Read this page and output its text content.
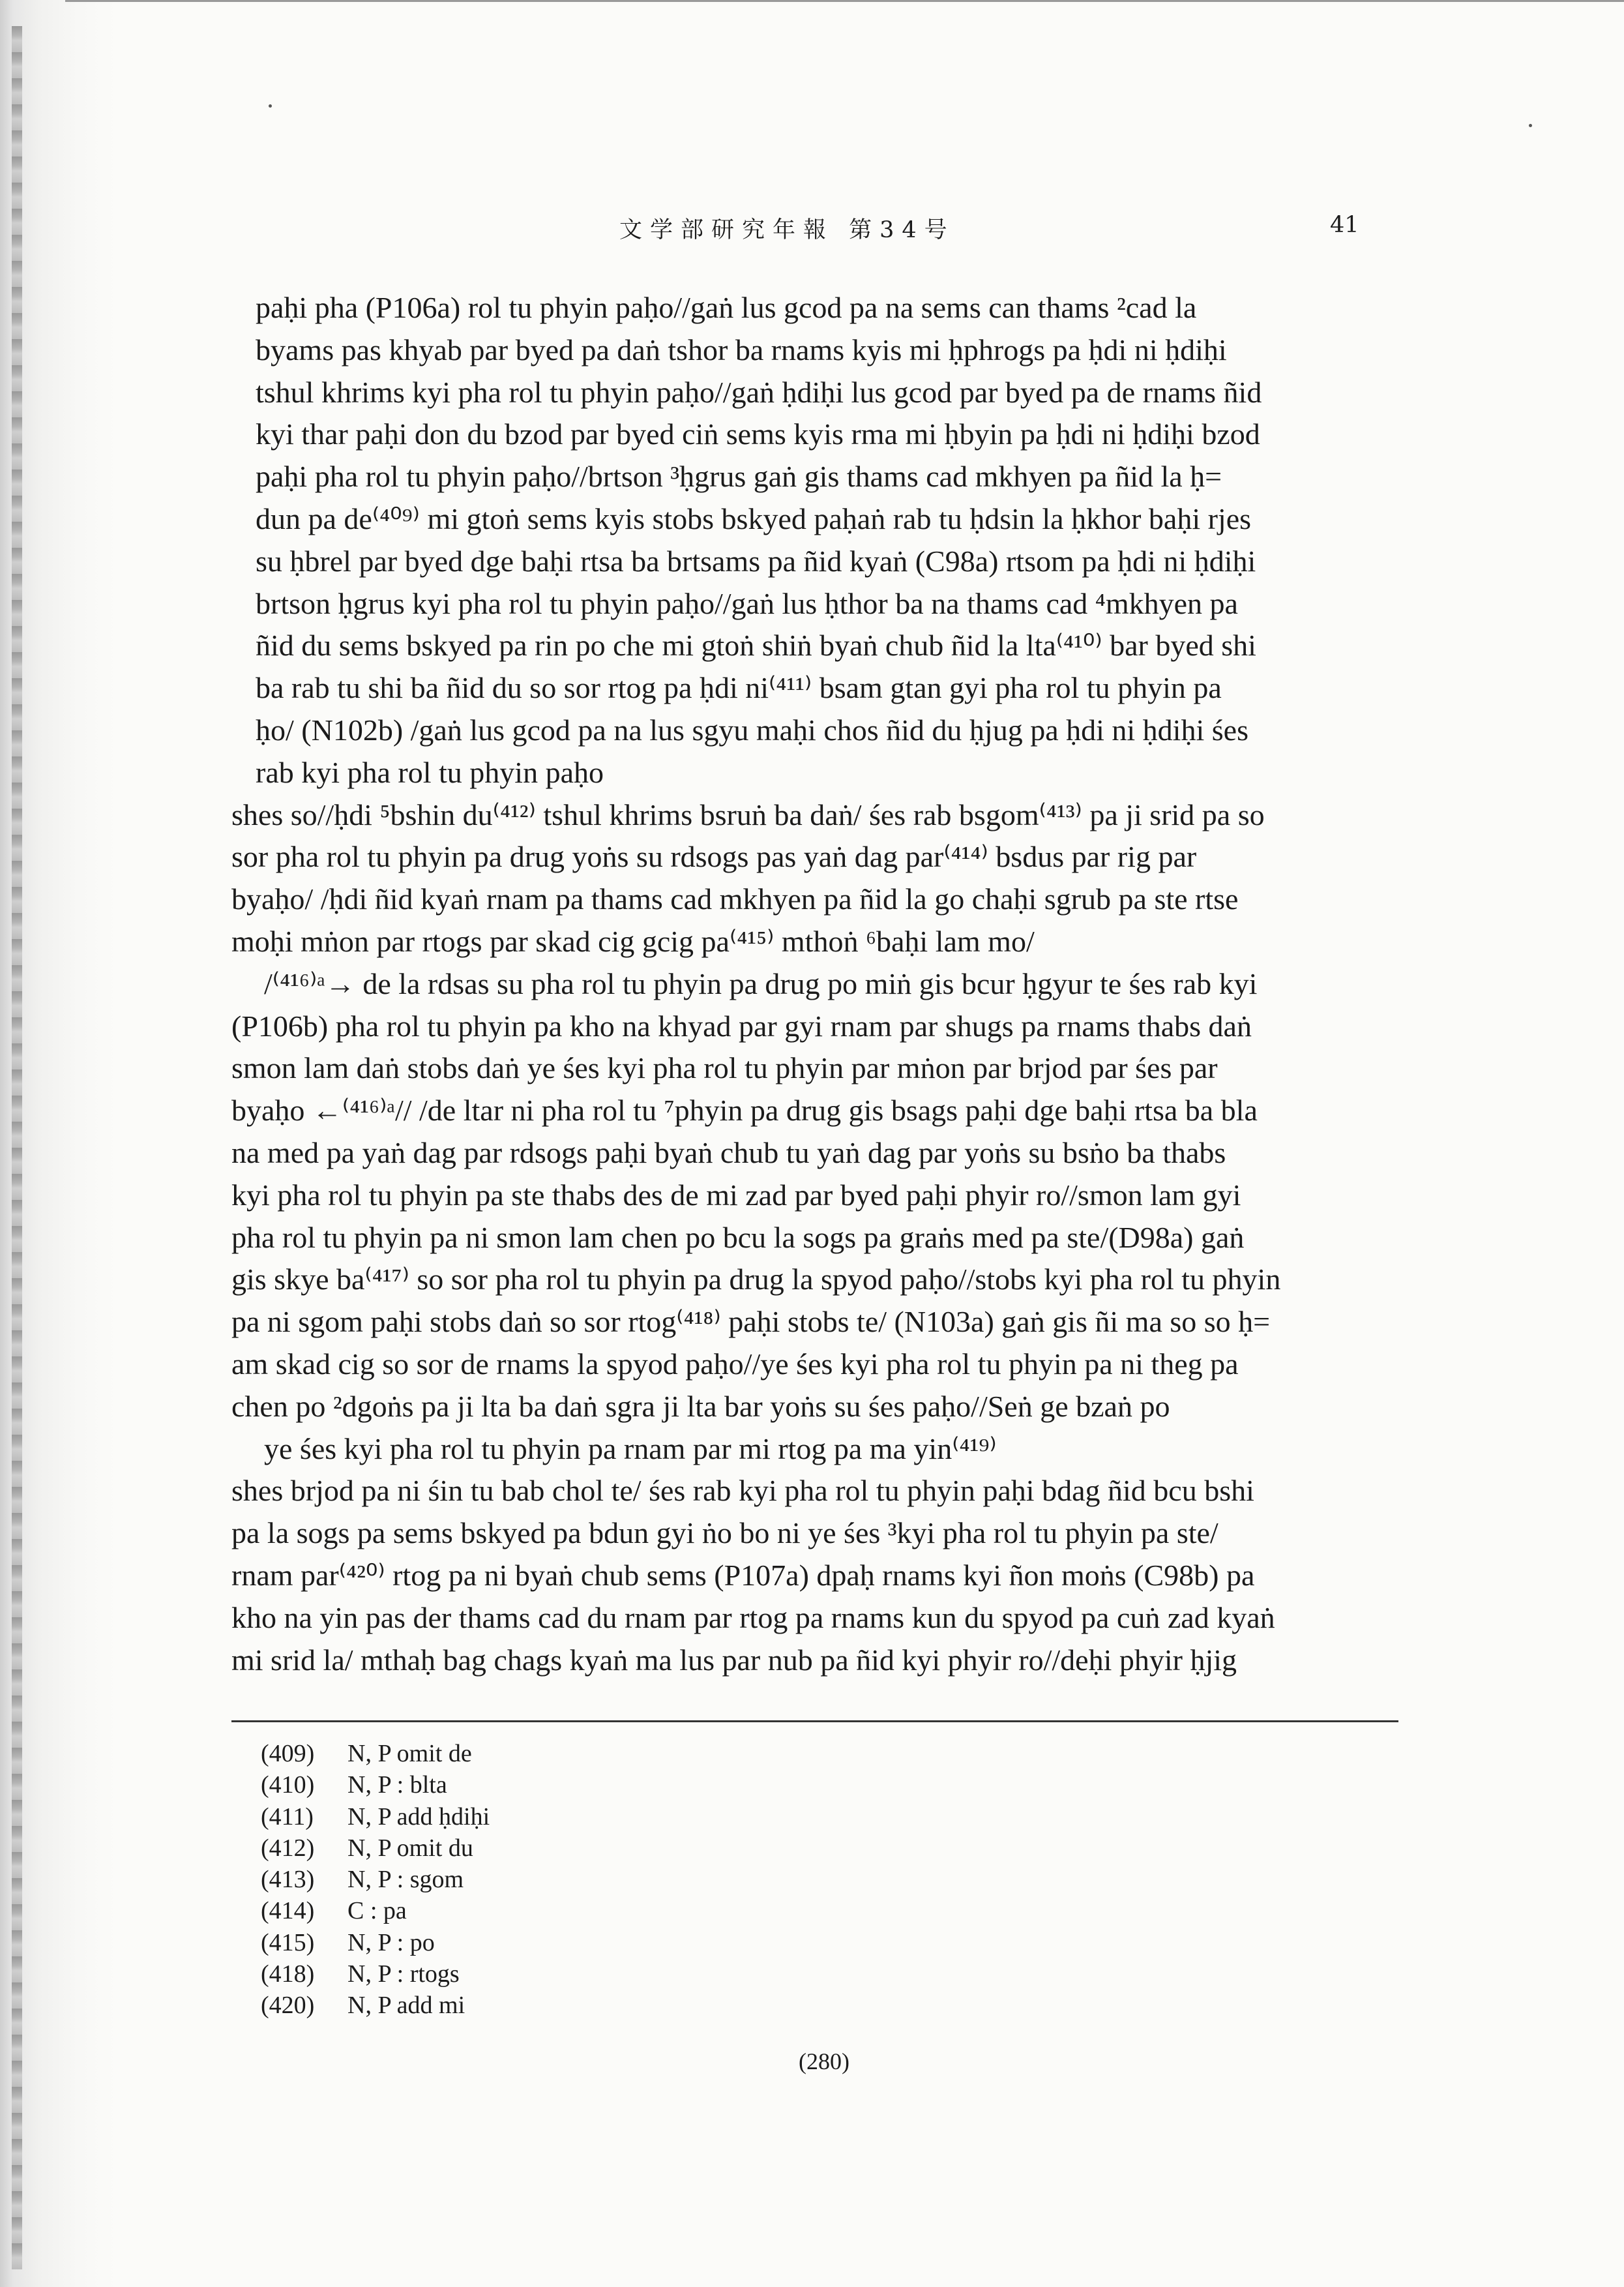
文学部研究年報 第34号	41
paḥi pha (P106a) rol tu phyin paḥo//gaṅ lus gcod pa na sems can thams ²cad la
byams pas khyab par byed pa daṅ tshor ba rnams kyis mi ḥphrogs pa ḥdi ni ḥdiḥi
tshul khrims kyi pha rol tu phyin paḥo//gaṅ ḥdiḥi lus gcod par byed pa de rnams ñid
kyi thar paḥi don du bzod par byed ciṅ sems kyis rma mi ḥbyin pa ḥdi ni ḥdiḥi bzod
paḥi pha rol tu phyin paḥo//brtson ³ḥgrus gaṅ gis thams cad mkhyen pa ñid la ḥ=
dun pa de⁽⁴⁰⁹⁾ mi gtoṅ sems kyis stobs bskyed paḥaṅ rab tu ḥdsin la ḥkhor baḥi rjes
su ḥbrel par byed dge baḥi rtsa ba brtsams pa ñid kyaṅ (C98a) rtsom pa ḥdi ni ḥdiḥi
brtson ḥgrus kyi pha rol tu phyin paḥo//gaṅ lus ḥthor ba na thams cad ⁴mkhyen pa
ñid du sems bskyed pa rin po che mi gtoṅ shiṅ byaṅ chub ñid la lta⁽⁴¹⁰⁾ bar byed shi
ba rab tu shi ba ñid du so sor rtog pa ḥdi ni⁽⁴¹¹⁾ bsam gtan gyi pha rol tu phyin pa
ḥo/ (N102b) /gaṅ lus gcod pa na lus sgyu maḥi chos ñid du ḥjug pa ḥdi ni ḥdiḥi śes
rab kyi pha rol tu phyin paḥo
shes so//ḥdi ⁵bshin du⁽⁴¹²⁾ tshul khrims bsruṅ ba daṅ/ śes rab bsgom⁽⁴¹³⁾ pa ji srid pa so
sor pha rol tu phyin pa drug yoṅs su rdsogs pas yaṅ dag par⁽⁴¹⁴⁾ bsdus par rig par
byaḥo/ /ḥdi ñid kyaṅ rnam pa thams cad mkhyen pa ñid la go chaḥi sgrub pa ste rtse
moḥi mṅon par rtogs par skad cig gcig pa⁽⁴¹⁵⁾ mthoṅ ⁶baḥi lam mo/
/⁽⁴¹⁶⁾ᵃ→ de la rdsas su pha rol tu phyin pa drug po miṅ gis bcur ḥgyur te śes rab kyi
(P106b) pha rol tu phyin pa kho na khyad par gyi rnam par shugs pa rnams thabs daṅ
smon lam daṅ stobs daṅ ye śes kyi pha rol tu phyin par mṅon par brjod par śes par
byaḥo ←⁽⁴¹⁶⁾ᵃ// /de ltar ni pha rol tu ⁷phyin pa drug gis bsags paḥi dge baḥi rtsa ba bla
na med pa yaṅ dag par rdsogs paḥi byaṅ chub tu yaṅ dag par yoṅs su bsṅo ba thabs
kyi pha rol tu phyin pa ste thabs des de mi zad par byed paḥi phyir ro//smon lam gyi
pha rol tu phyin pa ni smon lam chen po bcu la sogs pa graṅs med pa ste/(D98a) gaṅ
gis skye ba⁽⁴¹⁷⁾ so sor pha rol tu phyin pa drug la spyod paḥo//stobs kyi pha rol tu phyin
pa ni sgom paḥi stobs daṅ so sor rtog⁽⁴¹⁸⁾ paḥi stobs te/ (N103a) gaṅ gis ñi ma so so ḥ=
am skad cig so sor de rnams la spyod paḥo//ye śes kyi pha rol tu phyin pa ni theg pa
chen po ²dgoṅs pa ji lta ba daṅ sgra ji lta bar yoṅs su śes paḥo//Seṅ ge bzaṅ po
ye śes kyi pha rol tu phyin pa rnam par mi rtog pa ma yin⁽⁴¹⁹⁾
shes brjod pa ni śin tu bab chol te/ śes rab kyi pha rol tu phyin paḥi bdag ñid bcu bshi
pa la sogs pa sems bskyed pa bdun gyi ṅo bo ni ye śes ³kyi pha rol tu phyin pa ste/
rnam par⁽⁴²⁰⁾ rtog pa ni byaṅ chub sems (P107a) dpaḥ rnams kyi ñon moṅs (C98b) pa
kho na yin pas der thams cad du rnam par rtog pa rnams kun du spyod pa cuṅ zad kyaṅ
mi srid la/ mthaḥ bag chags kyaṅ ma lus par nub pa ñid kyi phyir ro//deḥi phyir ḥjig
(409) N, P omit de
(410) N, P : blta
(411) N, P add ḥdiḥi
(412) N, P omit du
(413) N, P : sgom
(414) C : pa
(415) N, P : po
(418) N, P : rtogs
(420) N, P add mi
(280)
